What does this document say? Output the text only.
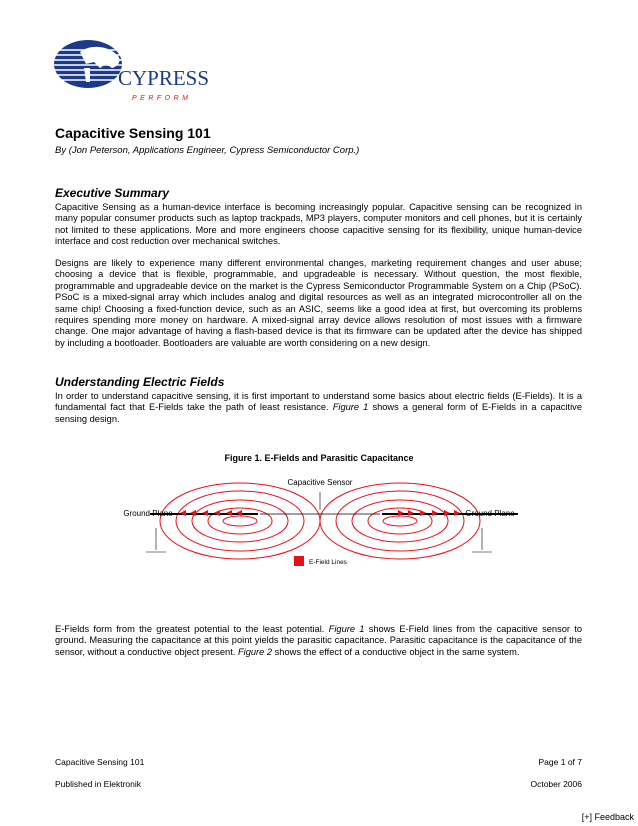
CYPRESS
PERFORM
Capacitive Sensing 101
By (Jon Peterson, Applications Engineer, Cypress Semiconductor Corp.)
Executive Summary
Capacitive Sensing as a human-device interface is becoming increasingly popular. Capacitive sensing can be recognized in many popular consumer products such as laptop trackpads, MP3 players, computer monitors and cell phones, but it is certainly not limited to these applications. More and more engineers choose capacitive sensing for its flexibility, unique human-device interface and cost reduction over mechanical switches.
Designs are likely to experience many different environmental changes, marketing requirement changes and user abuse; choosing a device that is flexible, programmable, and upgradeable is necessary. Without question, the most flexible, programmable and upgradeable device on the market is the Cypress Semiconductor Programmable System on a Chip (PSoC). PSoC is a mixed-signal array which includes analog and digital resources as well as an integrated microcontroller all on the same chip! Choosing a fixed-function device, such as an ASIC, seems like a good idea at first, but overcoming its problems requires spending more money on hardware. A mixed-signal array device allows resolution of most issues with a firmware change. One major advantage of having a flash-based device is that its firmware can be updated after the device has shipped by including a bootloader. Bootloaders are valuable are worth considering on a new design.
Understanding Electric Fields
In order to understand capacitive sensing, it is first important to understand some basics about electric fields (E-Fields). It is a fundamental fact that E-Fields take the path of least resistance. Figure 1 shows a general form of E-Fields in a capacitive sensing design.
Figure 1. E-Fields and Parasitic Capacitance
E-Field Lines
Capacitive Sensor
Ground Plane	Ground Plane
E-Fields form from the greatest potential to the least potential. Figure 1 shows E-Field lines from the capacitive sensor to ground. Measuring the capacitance at this point yields the parasitic capacitance. Parasitic capacitance is the capacitance of the sensor, without a conductive object present. Figure 2 shows the effect of a conductive object in the same system.
Capacitive Sensing 101	Page 1 of 7
Published in Elektronik	October 2006
[+] Feedback
